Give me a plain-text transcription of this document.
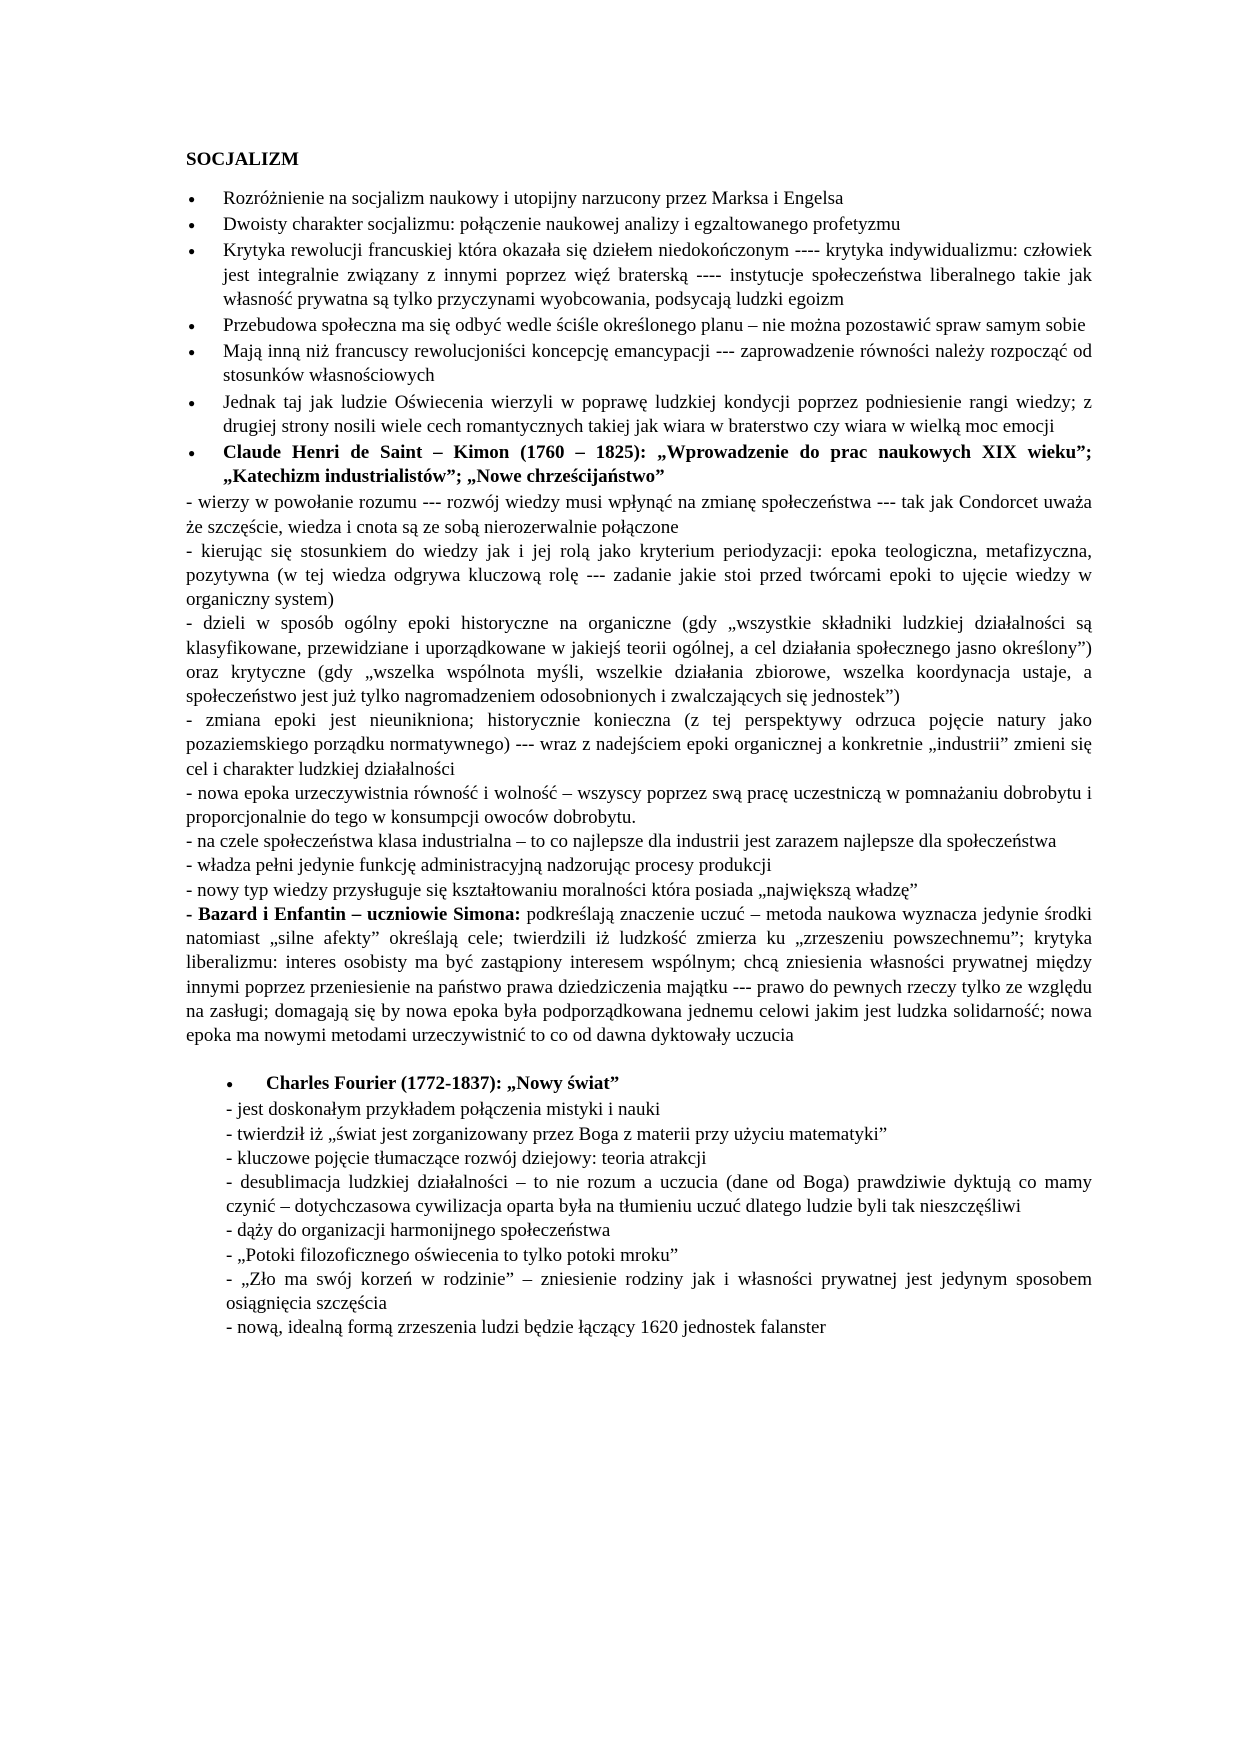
SOCJALIZM
● Rozróżnienie na socjalizm naukowy i utopijny narzucony przez Marksa i Engelsa
● Dwoisty charakter socjalizmu: połączenie naukowej analizy i egzaltowanego profetyzmu
● Krytyka rewolucji francuskiej która okazała się dziełem niedokończonym ---- krytyka indywidualizmu: człowiek jest integralnie związany z innymi poprzez więź braterską ---- instytucje społeczeństwa liberalnego takie jak własność prywatna są tylko przyczynami wyobcowania, podsycają ludzki egoizm
● Przebudowa społeczna ma się odbyć wedle ściśle określonego planu – nie można pozostawić spraw samym sobie
● Mają inną niż francuscy rewolucjoniści koncepcję emancypacji --- zaprowadzenie równości należy rozpocząć od stosunków własnościowych
● Jednak taj jak ludzie Oświecenia wierzyli w poprawę ludzkiej kondycji poprzez podniesienie rangi wiedzy; z drugiej strony nosili wiele cech romantycznych takiej jak wiara w braterstwo czy wiara w wielką moc emocji
● Claude Henri de Saint – Kimon (1760 – 1825): „Wprowadzenie do prac naukowych XIX wieku”; „Katechizm industrialistów”; „Nowe chrześcijaństwo”

- wierzy w powołanie rozumu --- rozwój wiedzy musi wpłynąć na zmianę społeczeństwa --- tak jak Condorcet uważa że szczęście, wiedza i cnota są ze sobą nierozerwalnie połączone

- kierując się stosunkiem do wiedzy jak i jej rolą jako kryterium periodyzacji: epoka teologiczna, metafizyczna, pozytywna (w tej wiedza odgrywa kluczową rolę --- zadanie jakie stoi przed twórcami epoki to ujęcie wiedzy w organiczny system)

- dzieli w sposób ogólny epoki historyczne na organiczne (gdy „wszystkie składniki ludzkiej działalności są klasyfikowane, przewidziane i uporządkowane w jakiejś teorii ogólnej, a cel działania społecznego jasno określony”) oraz krytyczne (gdy „wszelka wspólnota myśli, wszelkie działania zbiorowe, wszelka koordynacja ustaje, a społeczeństwo jest już tylko nagromadzeniem odosobnionych i zwalczających się jednostek”)

- zmiana epoki jest nieunikniona; historycznie konieczna (z tej perspektywy odrzuca pojęcie natury jako pozaziemskiego porządku normatywnego) --- wraz z nadejściem epoki organicznej a konkretnie „industrii” zmieni się cel i charakter ludzkiej działalności

- nowa epoka urzeczywistnia równość i wolność – wszyscy poprzez swą pracę uczestniczą w pomnażaniu dobrobytu i proporcjonalnie do tego w konsumpcji owoców dobrobytu.

- na czele społeczeństwa klasa industrialna – to co najlepsze dla industrii jest zarazem najlepsze dla społeczeństwa

- władza pełni jedynie funkcję administracyjną nadzorując procesy produkcji

- nowy typ wiedzy przysługuje się kształtowaniu moralności która posiada „największą władzę”

- Bazard i Enfantin – uczniowie Simona: podkreślają znaczenie uczuć – metoda naukowa wyznacza jedynie środki natomiast „silne afekty” określają cele; twierdzili iż ludzkość zmierza ku „zrzeszeniu powszechnemu”; krytyka liberalizmu: interes osobisty ma być zastąpiony interesem wspólnym; chcą zniesienia własności prywatnej między innymi poprzez przeniesienie na państwo prawa dziedziczenia majątku --- prawo do pewnych rzeczy tylko ze względu na zasługi; domagają się by nowa epoka była podporządkowana jednemu celowi jakim jest ludzka solidarność; nowa epoka ma nowymi metodami urzeczywistnić to co od dawna dyktowały uczucia

● Charles Fourier (1772-1837): „Nowy świat”

- jest doskonałym przykładem połączenia mistyki i nauki

- twierdził iż „świat jest zorganizowany przez Boga z materii przy użyciu matematyki”

- kluczowe pojęcie tłumaczące rozwój dziejowy: teoria atrakcji

- desublimacja ludzkiej działalności – to nie rozum a uczucia (dane od Boga) prawdziwie dyktują co mamy czynić – dotychczasowa cywilizacja oparta była na tłumieniu uczuć dlatego ludzie byli tak nieszczęśliwi

- dąży do organizacji harmonijnego społeczeństwa

- „Potoki filozoficznego oświecenia to tylko potoki mroku”

- „Zło ma swój korzeń w rodzinie” – zniesienie rodziny jak i własności prywatnej jest jedynym sposobem osiągnięcia szczęścia

- nową, idealną formą zrzeszenia ludzi będzie łączący 1620 jednostek falanster
